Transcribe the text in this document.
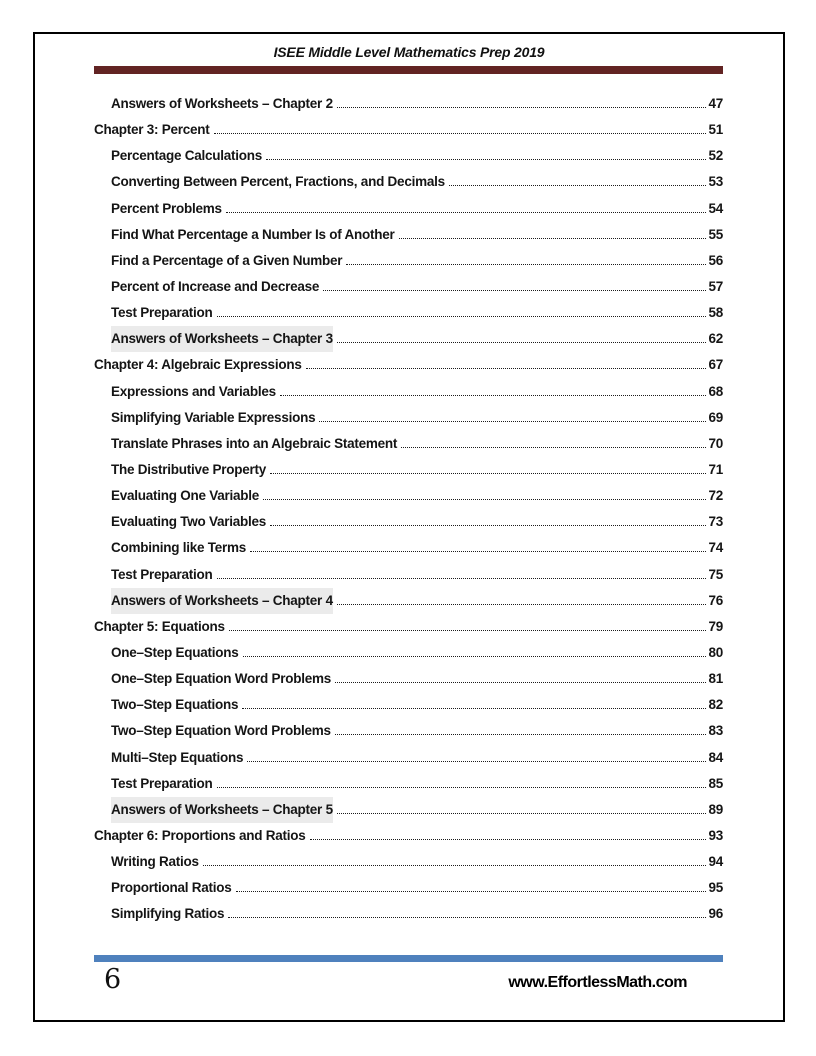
ISEE Middle Level Mathematics Prep 2019
Answers of Worksheets – Chapter 2	47
Chapter 3: Percent	51
Percentage Calculations	52
Converting Between Percent, Fractions, and Decimals	53
Percent Problems	54
Find What Percentage a Number Is of Another	55
Find a Percentage of a Given Number	56
Percent of Increase and Decrease	57
Test Preparation	58
Answers of Worksheets – Chapter 3	62
Chapter 4: Algebraic Expressions	67
Expressions and Variables	68
Simplifying Variable Expressions	69
Translate Phrases into an Algebraic Statement	70
The Distributive Property	71
Evaluating One Variable	72
Evaluating Two Variables	73
Combining like Terms	74
Test Preparation	75
Answers of Worksheets – Chapter 4	76
Chapter 5: Equations	79
One–Step Equations	80
One–Step Equation Word Problems	81
Two–Step Equations	82
Two–Step Equation Word Problems	83
Multi–Step Equations	84
Test Preparation	85
Answers of Worksheets – Chapter 5	89
Chapter 6: Proportions and Ratios	93
Writing Ratios	94
Proportional Ratios	95
Simplifying Ratios	96
6	www.EffortlessMath.com
